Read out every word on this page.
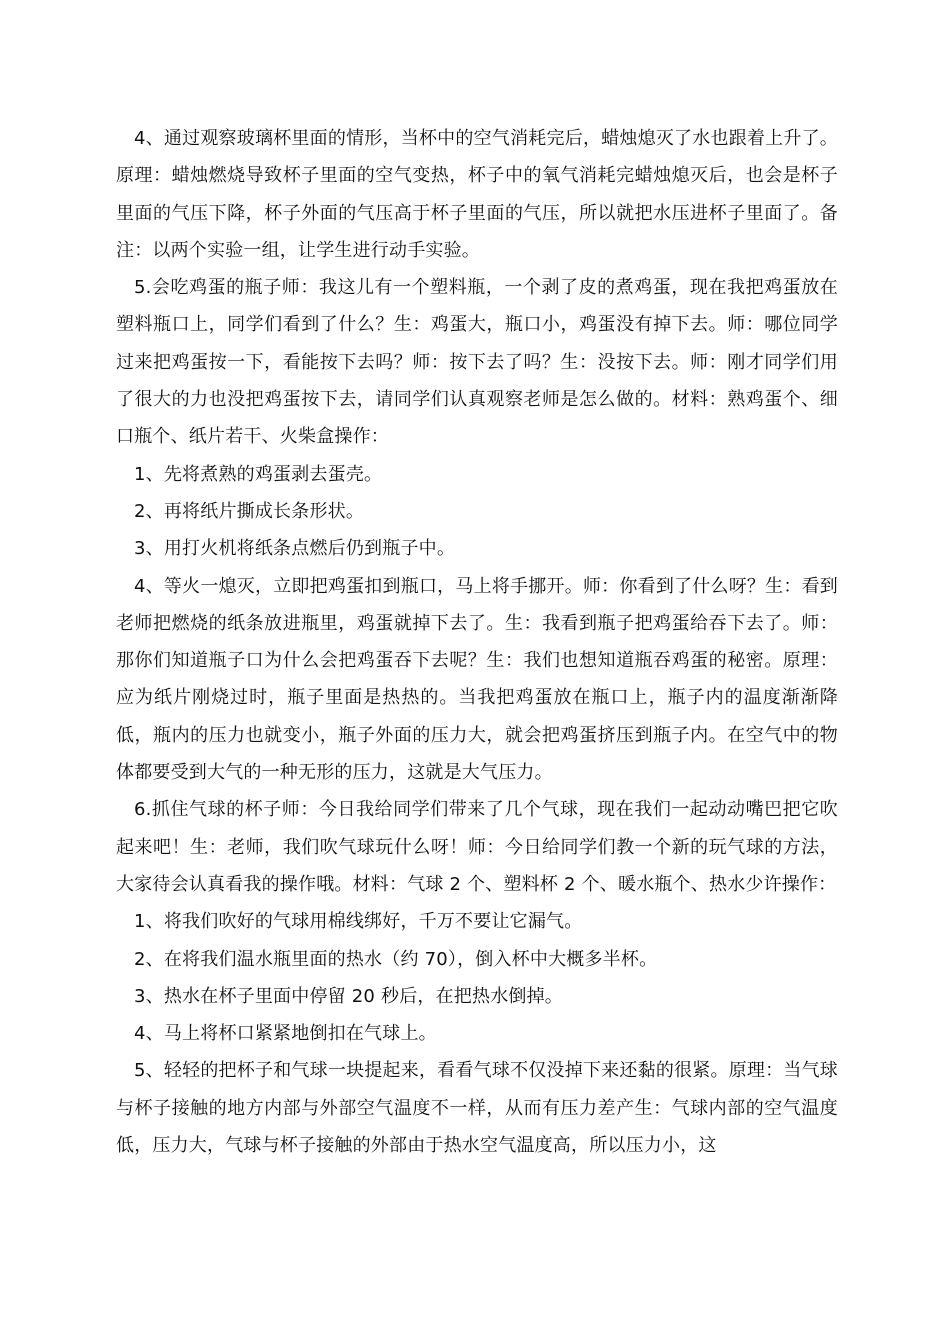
4、通过观察玻璃杯里面的情形，当杯中的空气消耗完后，蜡烛熄灭了水也跟着上升了。原理：蜡烛燃烧导致杯子里面的空气变热，杯子中的氧气消耗完蜡烛熄灭后，也会是杯子里面的气压下降，杯子外面的气压高于杯子里面的气压，所以就把水压进杯子里面了。备注：以两个实验一组，让学生进行动手实验。

5.会吃鸡蛋的瓶子师：我这儿有一个塑料瓶，一个剥了皮的煮鸡蛋，现在我把鸡蛋放在塑料瓶口上，同学们看到了什么？生：鸡蛋大，瓶口小，鸡蛋没有掉下去。师：哪位同学过来把鸡蛋按一下，看能按下去吗？师：按下去了吗？生：没按下去。师：刚才同学们用了很大的力也没把鸡蛋按下去，请同学们认真观察老师是怎么做的。材料：熟鸡蛋个、细口瓶个、纸片若干、火柴盒操作：

1、先将煮熟的鸡蛋剥去蛋壳。

2、再将纸片撕成长条形状。

3、用打火机将纸条点燃后仍到瓶子中。

4、等火一熄灭，立即把鸡蛋扣到瓶口，马上将手挪开。师：你看到了什么呀？生：看到老师把燃烧的纸条放进瓶里，鸡蛋就掉下去了。生：我看到瓶子把鸡蛋给吞下去了。师：那你们知道瓶子口为什么会把鸡蛋吞下去呢？生：我们也想知道瓶吞鸡蛋的秘密。原理：应为纸片刚烧过时，瓶子里面是热热的。当我把鸡蛋放在瓶口上，瓶子内的温度渐渐降低，瓶内的压力也就变小，瓶子外面的压力大，就会把鸡蛋挤压到瓶子内。在空气中的物体都要受到大气的一种无形的压力，这就是大气压力。

6.抓住气球的杯子师：今日我给同学们带来了几个气球，现在我们一起动动嘴巴把它吹起来吧！生：老师，我们吹气球玩什么呀！师：今日给同学们教一个新的玩气球的方法，大家待会认真看我的操作哦。材料：气球 2 个、塑料杯 2 个、暖水瓶个、热水少许操作：

1、将我们吹好的气球用棉线绑好，千万不要让它漏气。

2、在将我们温水瓶里面的热水（约 70），倒入杯中大概多半杯。

3、热水在杯子里面中停留 20 秒后，在把热水倒掉。

4、马上将杯口紧紧地倒扣在气球上。

5、轻轻的把杯子和气球一块提起来，看看气球不仅没掉下来还黏的很紧。原理：当气球与杯子接触的地方内部与外部空气温度不一样，从而有压力差产生：气球内部的空气温度低，压力大，气球与杯子接触的外部由于热水空气温度高，所以压力小，这
